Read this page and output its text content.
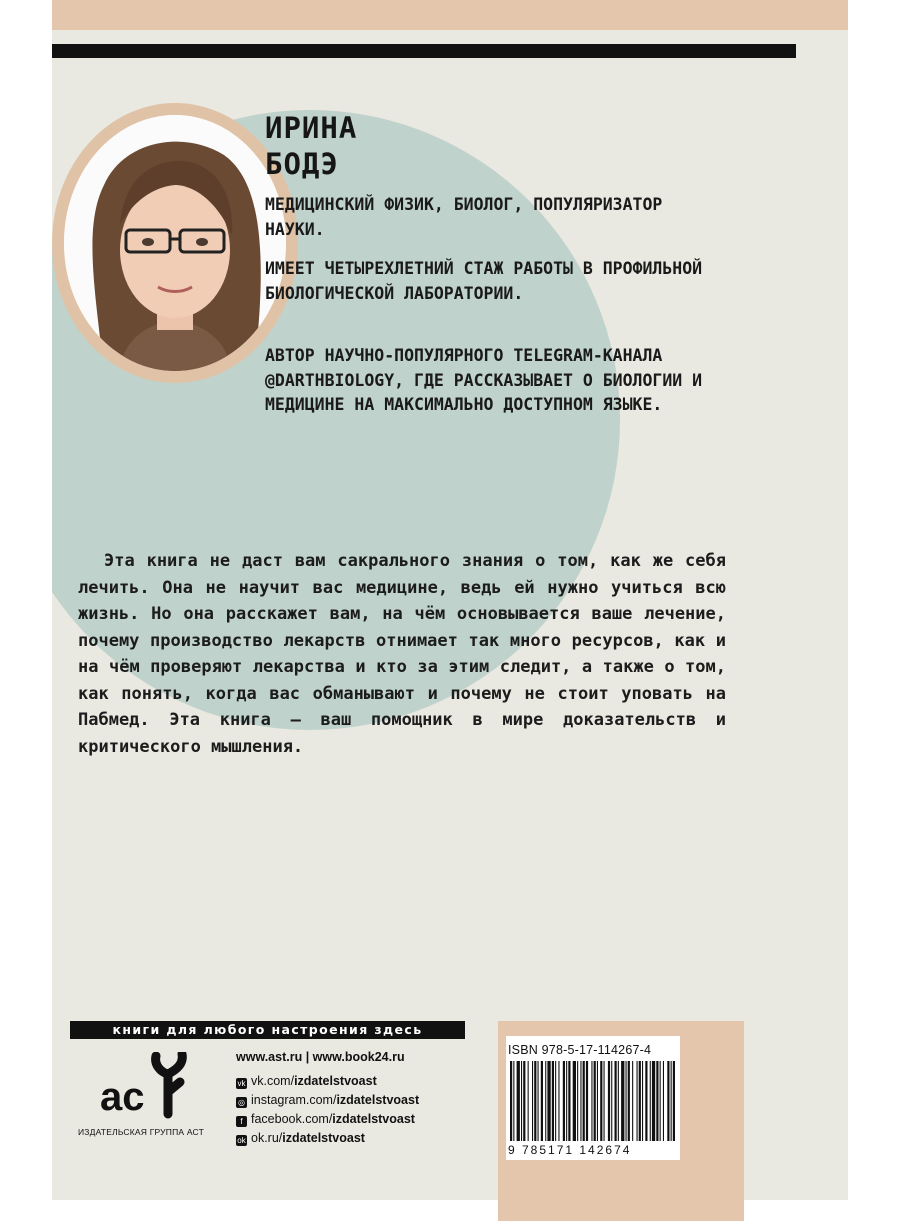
ИРИНА
БОДЭ
МЕДИЦИНСКИЙ ФИЗИК, БИОЛОГ, ПОПУЛЯРИЗАТОР НАУКИ.
ИМЕЕТ ЧЕТЫРЕХЛЕТНИЙ СТАЖ РАБОТЫ В ПРОФИЛЬНОЙ БИОЛОГИЧЕСКОЙ ЛАБОРАТОРИИ.
АВТОР НАУЧНО-ПОПУЛЯРНОГО TELEGRAM-КАНАЛА @DARTHBIOLOGY, ГДЕ РАССКАЗЫВАЕТ О БИОЛОГИИ И МЕДИЦИНЕ НА МАКСИМАЛЬНО ДОСТУПНОМ ЯЗЫКЕ.
Эта книга не даст вам сакрального знания о том, как же себя лечить. Она не научит вас медицине, ведь ей нужно учиться всю жизнь. Но она расскажет вам, на чём основывается ваше лечение, почему производство лекарств отнимает так много ресурсов, как и на чём проверяют лекарства и кто за этим следит, а также о том, как понять, когда вас обманывают и почему не стоит уповать на Пабмед. Эта книга — ваш помощник в мире доказательств и критического мышления.
книги для любого настроения здесь
ас
ИЗДАТЕЛЬСКАЯ ГРУППА АСТ
www.ast.ru | www.book24.ru
vk vk.com/izdatelstvoast
◎ instagram.com/izdatelstvoast
f facebook.com/izdatelstvoast
ok ok.ru/izdatelstvoast
ISBN 978-5-17-114267-4
9 785171 142674
